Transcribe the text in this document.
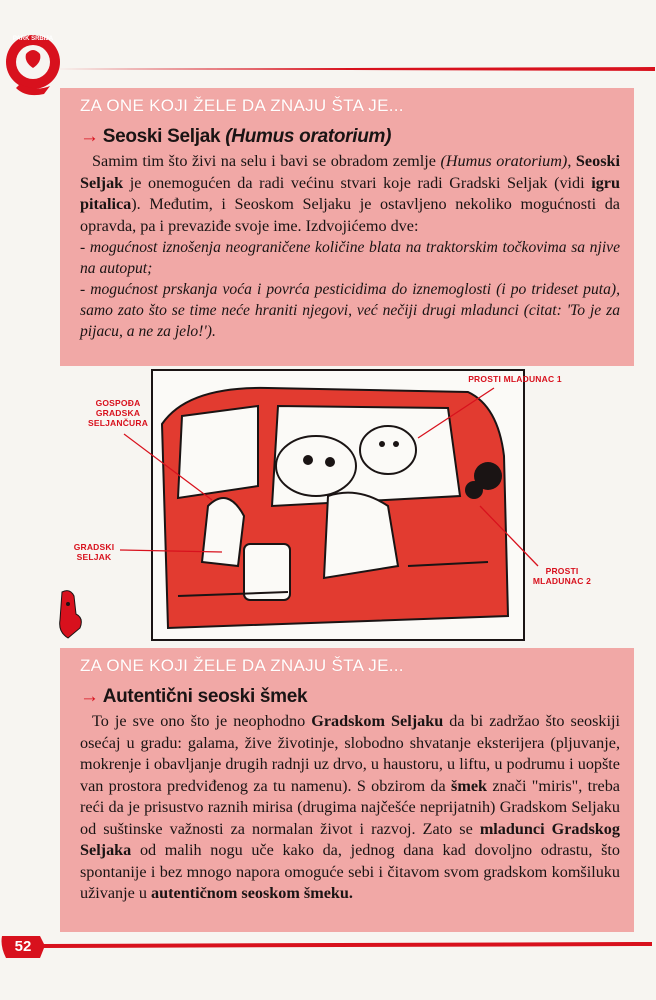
PARK SRBIJA
ZA ONE KOJI ŽELE DA ZNAJU ŠTA JE...
→ Seoski Seljak (Humus oratorium)

Samim tim što živi na selu i bavi se obradom zemlje (Humus oratorium), Seoski Seljak je onemogućen da radi većinu stvari koje radi Gradski Seljak (vidi igru pitalica). Međutim, i Seoskom Seljaku je ostavljeno nekoliko mogućnosti da opravda, pa i prevaziđe svoje ime. Izdvojićemo dve:

- mogućnost iznošenja neograničene količine blata na traktorskim točkovima sa njive na autoput;

- mogućnost prskanja voća i povrća pesticidima do iznemoglosti (i po trideset puta), samo zato što se time neće hraniti njegovi, već nečiji drugi mladunci (citat: 'To je za pijacu, a ne za jelo!').

GOSPOĐA GRADSKA SELJANČURA
PROSTI MLADUNAC 1
GRADSKI SELJAK
PROSTI MLADUNAC 2
ZA ONE KOJI ŽELE DA ZNAJU ŠTA JE...
→ Autentični seoski šmek

To je sve ono što je neophodno Gradskom Seljaku da bi zadržao što seoskiji osećaj u gradu: galama, žive životinje, slobodno shvatanje eksterijera (pljuvanje, mokrenje i obavljanje drugih radnji uz drvo, u haustoru, u liftu, u podrumu i uopšte van prostora predviđenog za tu namenu). S obzirom da šmek znači "miris", treba reći da je prisustvo raznih mirisa (drugima najčešće neprijatnih) Gradskom Seljaku od suštinske važnosti za normalan život i razvoj. Zato se mladunci Gradskog Seljaka od malih nogu uče kako da, jednog dana kad dovoljno odrastu, što spontanije i bez mnogo napora omoguće sebi i čitavom svom gradskom komšiluku uživanje u autentičnom seoskom šmeku.

52
